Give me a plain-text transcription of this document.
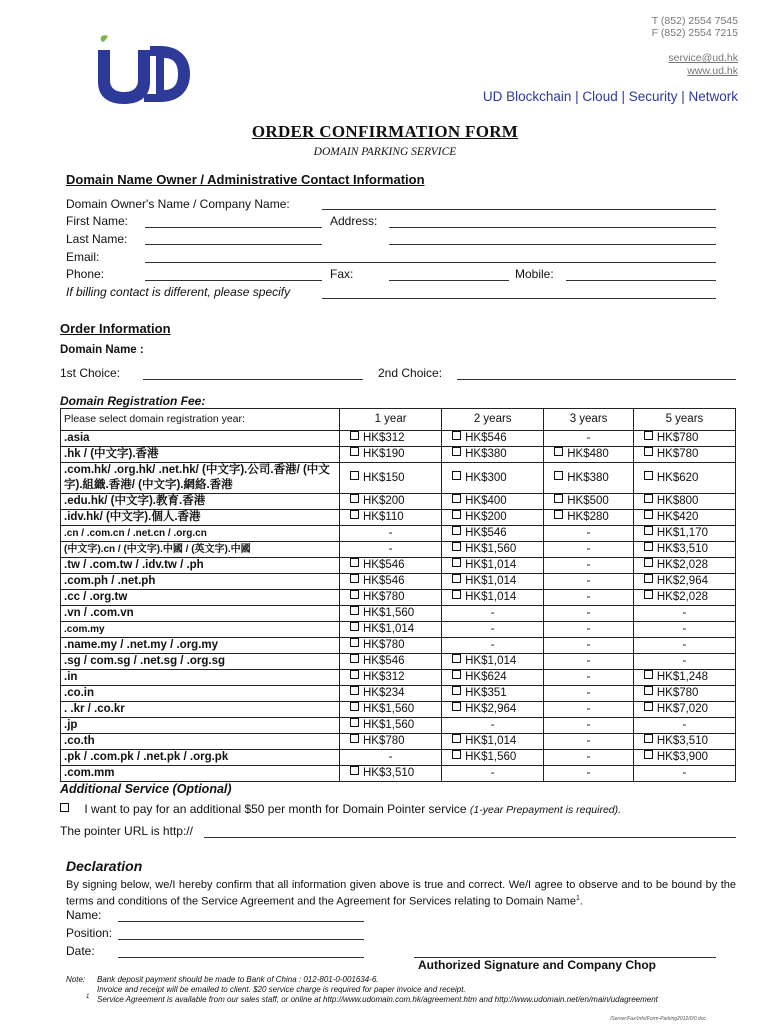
T (852) 2554 7545
F (852) 2554 7215
service@ud.hk
www.ud.hk
UD Blockchain | Cloud | Security | Network
ORDER CONFIRMATION FORM
DOMAIN PARKING SERVICE
Domain Name Owner / Administrative Contact Information
Domain Owner's Name / Company Name:
First Name:	Address:
Last Name:
Email:
Phone:	Fax:	Mobile:
If billing contact is different, please specify
Order Information
Domain Name :
1st Choice:	2nd Choice:
Domain Registration Fee:
Please select domain registration year:	1 year	2 years	3 years	5 years
.asia	HK$312	HK$546	-	HK$780
.hk / (中文字).香港	HK$190	HK$380	HK$480	HK$780
.com.hk/ .org.hk/ .net.hk/ (中文字).公司.香港/ (中文字).組織.香港/ (中文字).網絡.香港	HK$150	HK$300	HK$380	HK$620
.edu.hk/ (中文字).教育.香港	HK$200	HK$400	HK$500	HK$800
.idv.hk/ (中文字).個人.香港	HK$110	HK$200	HK$280	HK$420
.cn / .com.cn / .net.cn / .org.cn	-	HK$546	-	HK$1,170
(中文字).cn / (中文字).中國 / (英文字).中國	-	HK$1,560	-	HK$3,510
.tw / .com.tw / .idv.tw / .ph	HK$546	HK$1,014	-	HK$2,028
.com.ph / .net.ph	HK$546	HK$1,014	-	HK$2,964
.cc / .org.tw	HK$780	HK$1,014	-	HK$2,028
.vn / .com.vn	HK$1,560	-	-	-
.com.my	HK$1,014	-	-	-
.name.my / .net.my / .org.my	HK$780	-	-	-
.sg / com.sg / .net.sg / .org.sg	HK$546	HK$1,014	-	-
.in	HK$312	HK$624	-	HK$1,248
.co.in	HK$234	HK$351	-	HK$780
. .kr / .co.kr	HK$1,560	HK$2,964	-	HK$7,020
.jp	HK$1,560	-	-	-
.co.th	HK$780	HK$1,014	-	HK$3,510
.pk / .com.pk / .net.pk / .org.pk	-	HK$1,560	-	HK$3,900
.com.mm	HK$3,510	-	-	-
Additional Service (Optional)
I want to pay for an additional $50 per month for Domain Pointer service (1-year Prepayment is required).
The pointer URL is http://
Declaration
By signing below, we/I hereby confirm that all information given above is true and correct. We/I agree to observe and to be bound by the terms and conditions of the Service Agreement and the Agreement for Services relating to Domain Name$^1$.
Name:
Position:
Date:
Authorized Signature and Company Chop
Note: Bank deposit payment should be made to Bank of China : 012-801-0-001634-6.
Invoice and receipt will be emailed to client. $20 service charge is required for paper invoice and receipt.
1 Service Agreement is available from our sales staff, or online at http://www.udomain.com.hk/agreement.htm and http://www.udomain.net/en/main/udagreement
/Server/Fax/Info/Form-Parking2012/0/0.doc
